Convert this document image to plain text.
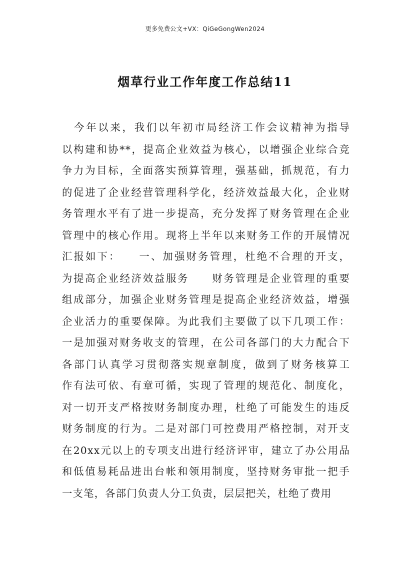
更多免费公文+VX：QiGeGongWen2024
烟草行业工作年度工作总结11
　今年以来，我们以年初市局经济工作会议精神为指导
以构建和协**，提高企业效益为核心，以增强企业综合竞
争力为目标，全面落实预算管理，强基础，抓规范，有力
的促进了企业经营管理科学化，经济效益最大化，企业财
务管理水平有了进一步提高，充分发挥了财务管理在企业
管理中的核心作用。现将上半年以来财务工作的开展情况
汇报如下：　　一、加强财务管理，杜绝不合理的开支，
为提高企业经济效益服务　　财务管理是企业管理的重要
组成部分，加强企业财务管理是提高企业经济效益，增强
企业活力的重要保障。为此我们主要做了以下几项工作：
一是加强对财务收支的管理，在公司各部门的大力配合下
各部门认真学习贯彻落实规章制度，做到了财务核算工
作有法可依、有章可循，实现了管理的规范化、制度化，
对一切开支严格按财务制度办理，杜绝了可能发生的违反
财务制度的行为。二是对部门可控费用严格控制，对开支
在20xx元以上的专项支出进行经济评审，建立了办公用品
和低值易耗品进出台帐和领用制度，坚持财务审批一把手
一支笔，各部门负责人分工负责，层层把关，杜绝了费用
